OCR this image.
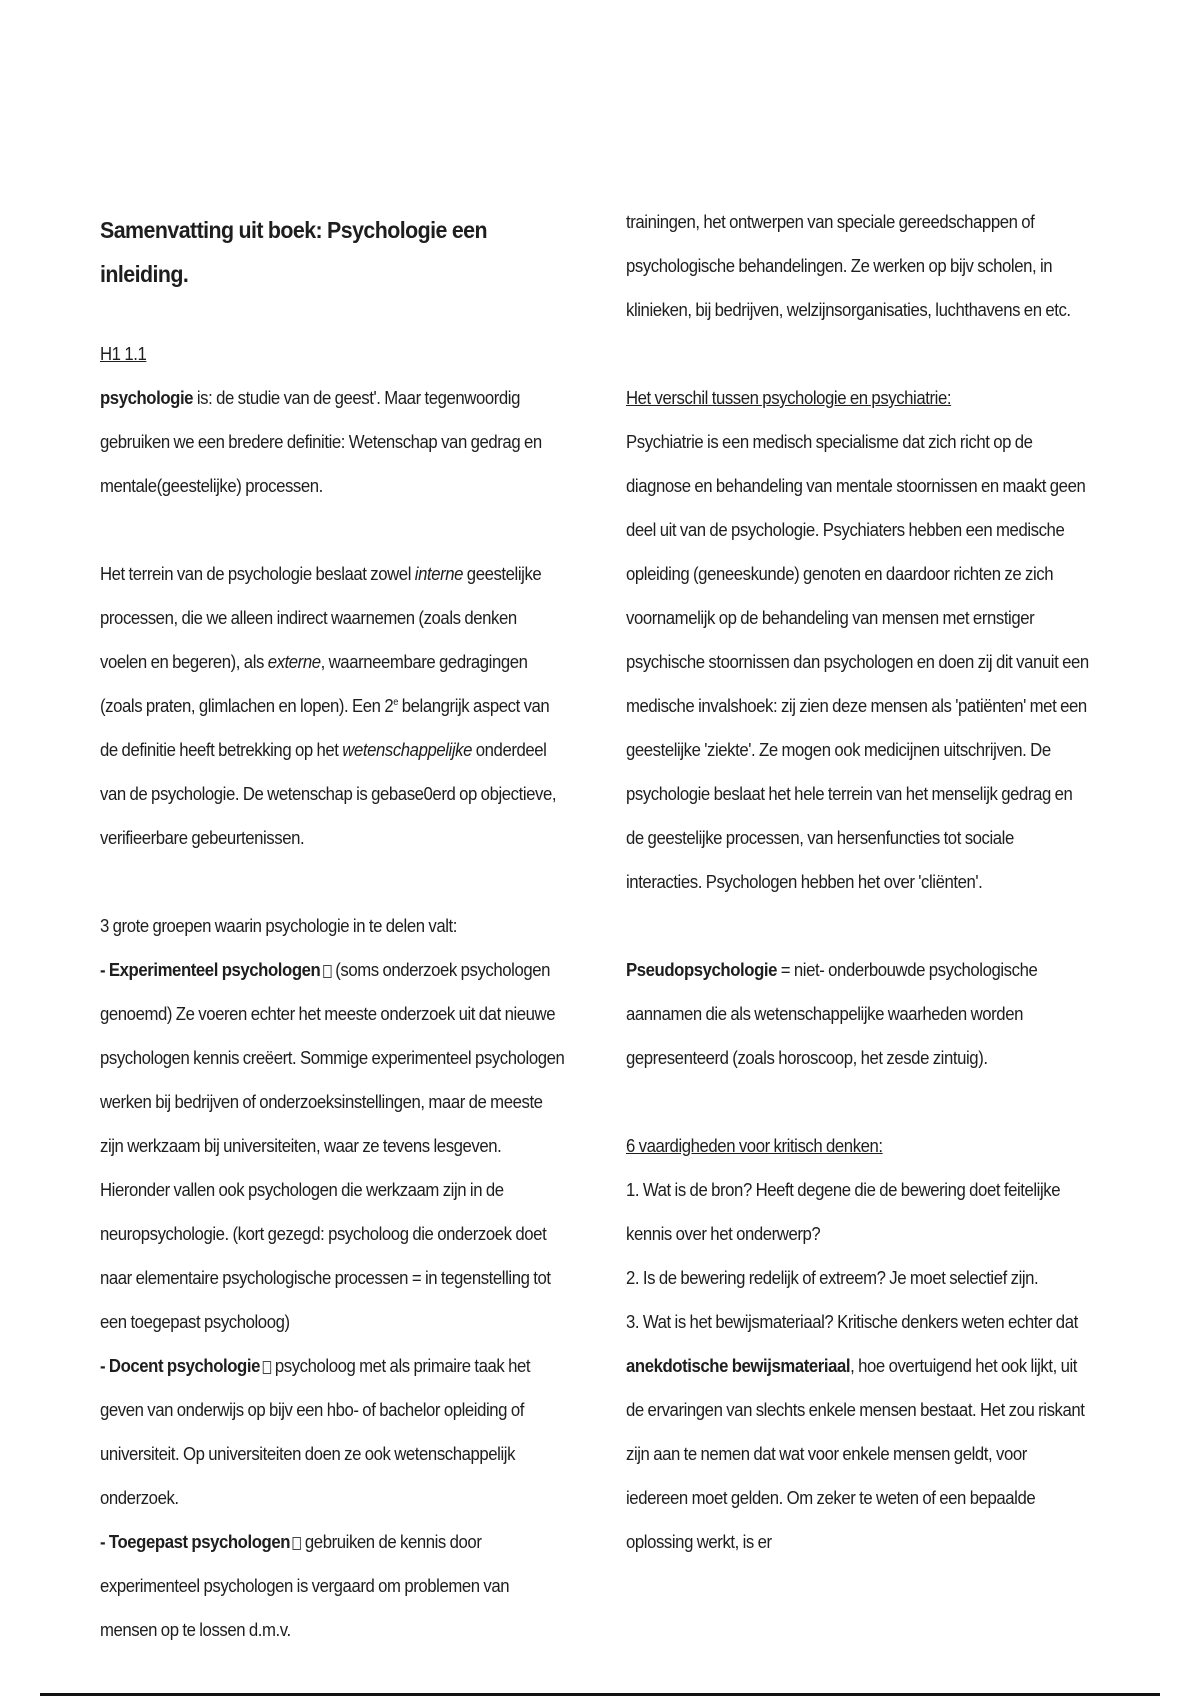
Samenvatting uit boek: Psychologie een inleiding.

H1 1.1

psychologie is: de studie van de geest'. Maar tegenwoordig gebruiken we een bredere definitie: Wetenschap van gedrag en mentale(geestelijke) processen.

Het terrein van de psychologie beslaat zowel interne geestelijke processen, die we alleen indirect waarnemen (zoals denken voelen en begeren), als externe, waarneembare gedragingen (zoals praten, glimlachen en lopen). Een 2e belangrijk aspect van de definitie heeft betrekking op het wetenschappelijke onderdeel van de psychologie. De wetenschap is gebase0erd op objectieve, verifieerbare gebeurtenissen.

3 grote groepen waarin psychologie in te delen valt:

- Experimenteel psychologen (soms onderzoek psychologen genoemd) Ze voeren echter het meeste onderzoek uit dat nieuwe psychologen kennis creëert. Sommige experimenteel psychologen werken bij bedrijven of onderzoeksinstellingen, maar de meeste zijn werkzaam bij universiteiten, waar ze tevens lesgeven. Hieronder vallen ook psychologen die werkzaam zijn in de neuropsychologie. (kort gezegd: psycholoog die onderzoek doet naar elementaire psychologische processen = in tegenstelling tot een toegepast psycholoog)

- Docent psychologie psycholoog met als primaire taak het geven van onderwijs op bijv een hbo- of bachelor opleiding of universiteit. Op universiteiten doen ze ook wetenschappelijk onderzoek.

- Toegepast psychologen gebruiken de kennis door experimenteel psychologen is vergaard om problemen van mensen op te lossen d.m.v.

trainingen, het ontwerpen van speciale gereedschappen of psychologische behandelingen. Ze werken op bijv scholen, in klinieken, bij bedrijven, welzijnsorganisaties, luchthavens en etc.

Het verschil tussen psychologie en psychiatrie:

Psychiatrie is een medisch specialisme dat zich richt op de diagnose en behandeling van mentale stoornissen en maakt geen deel uit van de psychologie. Psychiaters hebben een medische opleiding (geneeskunde) genoten en daardoor richten ze zich voornamelijk op de behandeling van mensen met ernstiger psychische stoornissen dan psychologen en doen zij dit vanuit een medische invalshoek: zij zien deze mensen als 'patiënten' met een geestelijke 'ziekte'. Ze mogen ook medicijnen uitschrijven. De psychologie beslaat het hele terrein van het menselijk gedrag en de geestelijke processen, van hersenfuncties tot sociale interacties. Psychologen hebben het over 'cliënten'.

Pseudopsychologie = niet- onderbouwde psychologische aannamen die als wetenschappelijke waarheden worden gepresenteerd (zoals horoscoop, het zesde zintuig).

6 vaardigheden voor kritisch denken:

1. Wat is de bron? Heeft degene die de bewering doet feitelijke kennis over het onderwerp?

2. Is de bewering redelijk of extreem? Je moet selectief zijn.

3. Wat is het bewijsmateriaal? Kritische denkers weten echter dat anekdotische bewijsmateriaal, hoe overtuigend het ook lijkt, uit de ervaringen van slechts enkele mensen bestaat. Het zou riskant zijn aan te nemen dat wat voor enkele mensen geldt, voor iedereen moet gelden. Om zeker te weten of een bepaalde oplossing werkt, is er
